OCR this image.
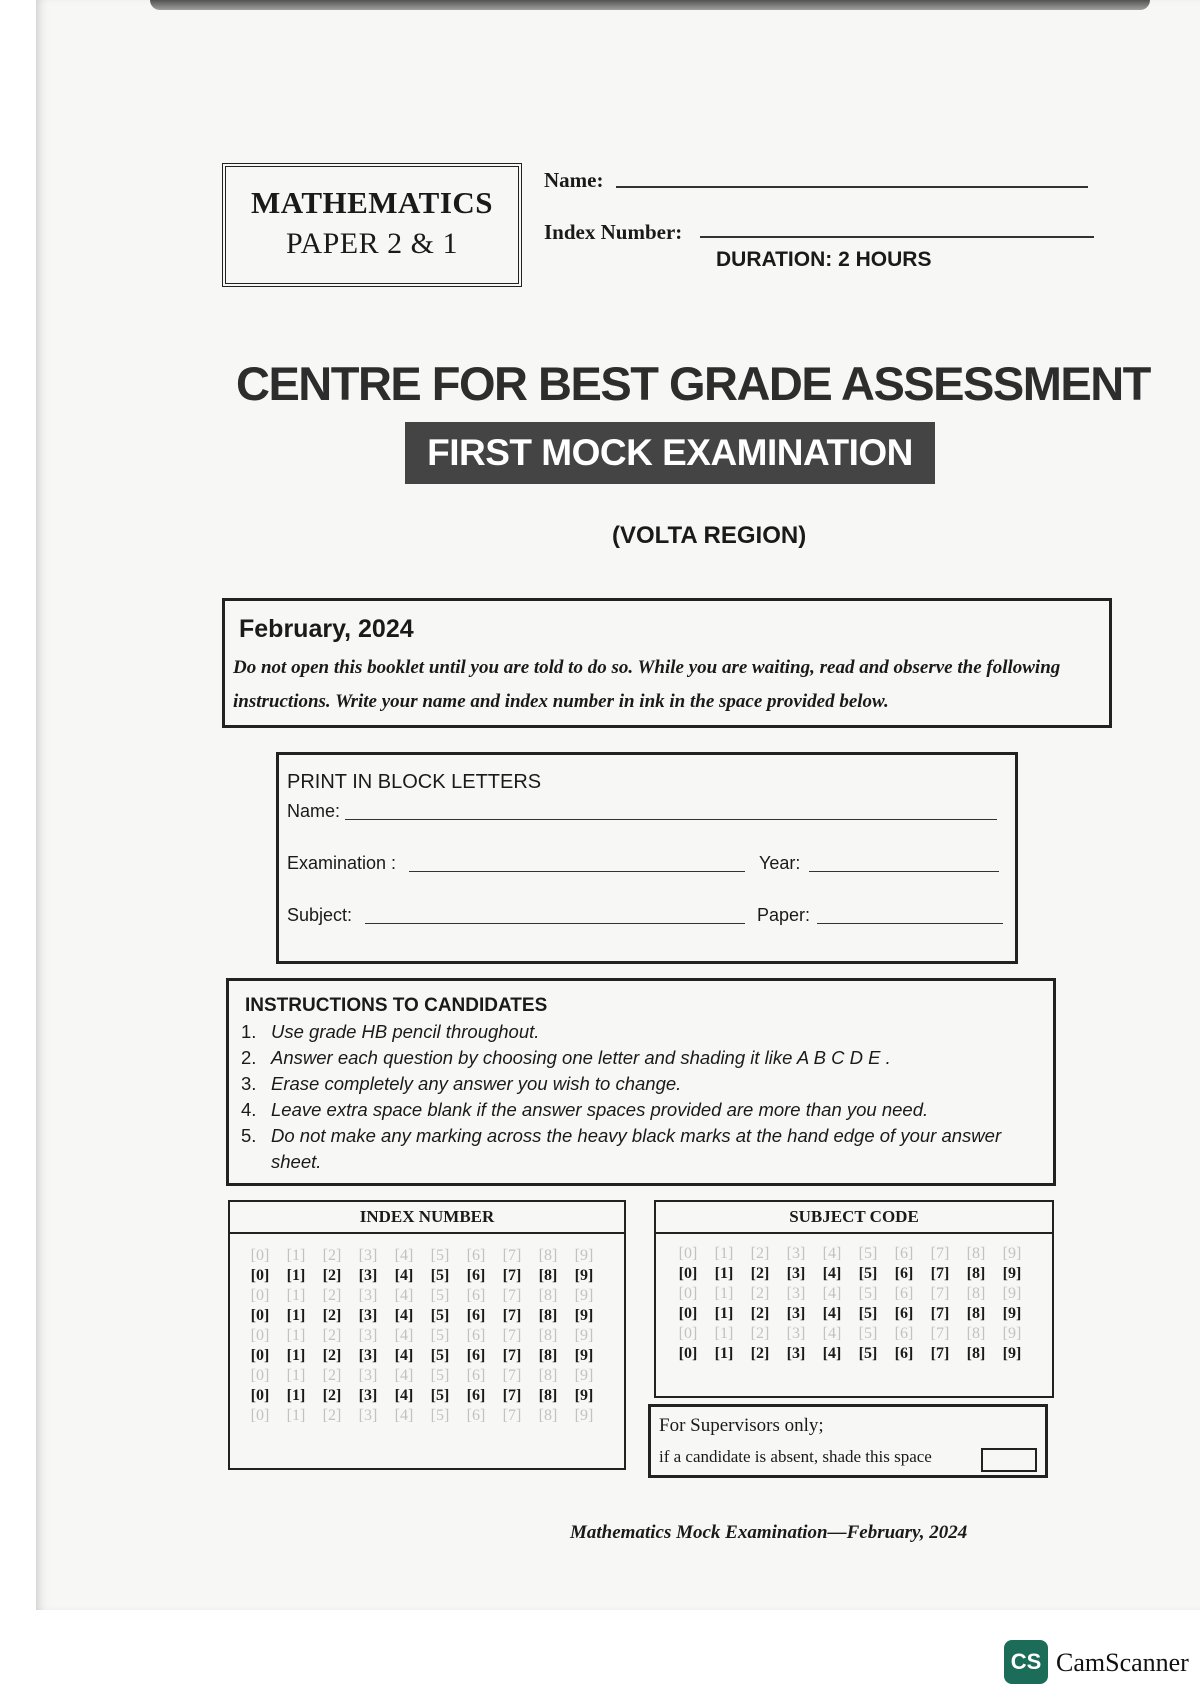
MATHEMATICS
PAPER 2 & 1
Name:
Index Number:
DURATION: 2 HOURS
CENTRE FOR BEST GRADE ASSESSMENT
FIRST MOCK EXAMINATION
(VOLTA REGION)
February, 2024
Do not open this booklet until you are told to do so. While you are waiting, read and observe the following instructions. Write your name and index number in ink in the space provided below.
PRINT IN BLOCK LETTERS
Name:
Examination :	Year:
Subject:	Paper:
INSTRUCTIONS TO CANDIDATES
1. Use grade HB pencil throughout.
2. Answer each question by choosing one letter and shading it like A B C D E .
3. Erase completely any answer you wish to change.
4. Leave extra space blank if the answer spaces provided are more than you need.
5. Do not make any marking across the heavy black marks at the hand edge of your answer sheet.
INDEX NUMBER
[0]	[1]	[2]	[3]	[4]	[5]	[6]	[7]	[8]	[9]
[0]	[1]	[2]	[3]	[4]	[5]	[6]	[7]	[8]	[9]
[0]	[1]	[2]	[3]	[4]	[5]	[6]	[7]	[8]	[9]
[0]	[1]	[2]	[3]	[4]	[5]	[6]	[7]	[8]	[9]
[0]	[1]	[2]	[3]	[4]	[5]	[6]	[7]	[8]	[9]
[0]	[1]	[2]	[3]	[4]	[5]	[6]	[7]	[8]	[9]
[0]	[1]	[2]	[3]	[4]	[5]	[6]	[7]	[8]	[9]
[0]	[1]	[2]	[3]	[4]	[5]	[6]	[7]	[8]	[9]
[0]	[1]	[2]	[3]	[4]	[5]	[6]	[7]	[8]	[9]
SUBJECT CODE
[0]	[1]	[2]	[3]	[4]	[5]	[6]	[7]	[8]	[9]
[0]	[1]	[2]	[3]	[4]	[5]	[6]	[7]	[8]	[9]
[0]	[1]	[2]	[3]	[4]	[5]	[6]	[7]	[8]	[9]
[0]	[1]	[2]	[3]	[4]	[5]	[6]	[7]	[8]	[9]
[0]	[1]	[2]	[3]	[4]	[5]	[6]	[7]	[8]	[9]
[0]	[1]	[2]	[3]	[4]	[5]	[6]	[7]	[8]	[9]
For Supervisors only;
if a candidate is absent, shade this space
Mathematics Mock Examination—February, 2024
CS CamScanner
